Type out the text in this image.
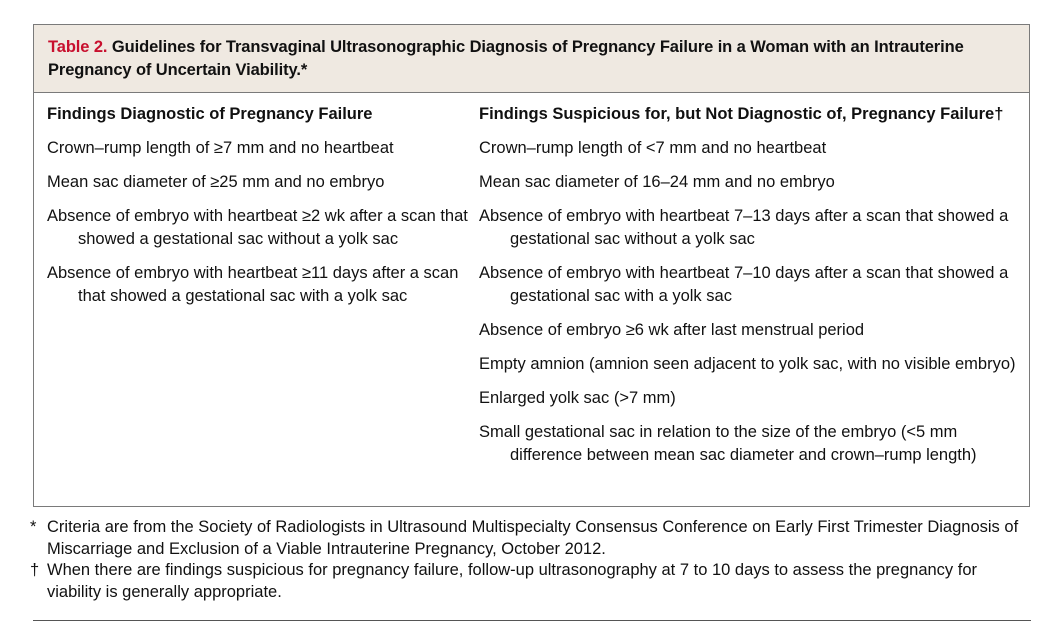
Table 2. Guidelines for Transvaginal Ultrasonographic Diagnosis of Pregnancy Failure in a Woman with an Intrauterine Pregnancy of Uncertain Viability.*
Findings Diagnostic of Pregnancy Failure
Crown–rump length of ≥7 mm and no heartbeat
Mean sac diameter of ≥25 mm and no embryo
Absence of embryo with heartbeat ≥2 wk after a scan that showed a gestational sac without a yolk sac
Absence of embryo with heartbeat ≥11 days after a scan that showed a gestational sac with a yolk sac
Findings Suspicious for, but Not Diagnostic of, Pregnancy Failure†
Crown–rump length of <7 mm and no heartbeat
Mean sac diameter of 16–24 mm and no embryo
Absence of embryo with heartbeat 7–13 days after a scan that showed a gestational sac without a yolk sac
Absence of embryo with heartbeat 7–10 days after a scan that showed a gestational sac with a yolk sac
Absence of embryo ≥6 wk after last menstrual period
Empty amnion (amnion seen adjacent to yolk sac, with no visible embryo)
Enlarged yolk sac (>7 mm)
Small gestational sac in relation to the size of the embryo (<5 mm difference between mean sac diameter and crown–rump length)
* Criteria are from the Society of Radiologists in Ultrasound Multispecialty Consensus Conference on Early First Trimester Diagnosis of Miscarriage and Exclusion of a Viable Intrauterine Pregnancy, October 2012.
† When there are findings suspicious for pregnancy failure, follow-up ultrasonography at 7 to 10 days to assess the pregnancy for viability is generally appropriate.
